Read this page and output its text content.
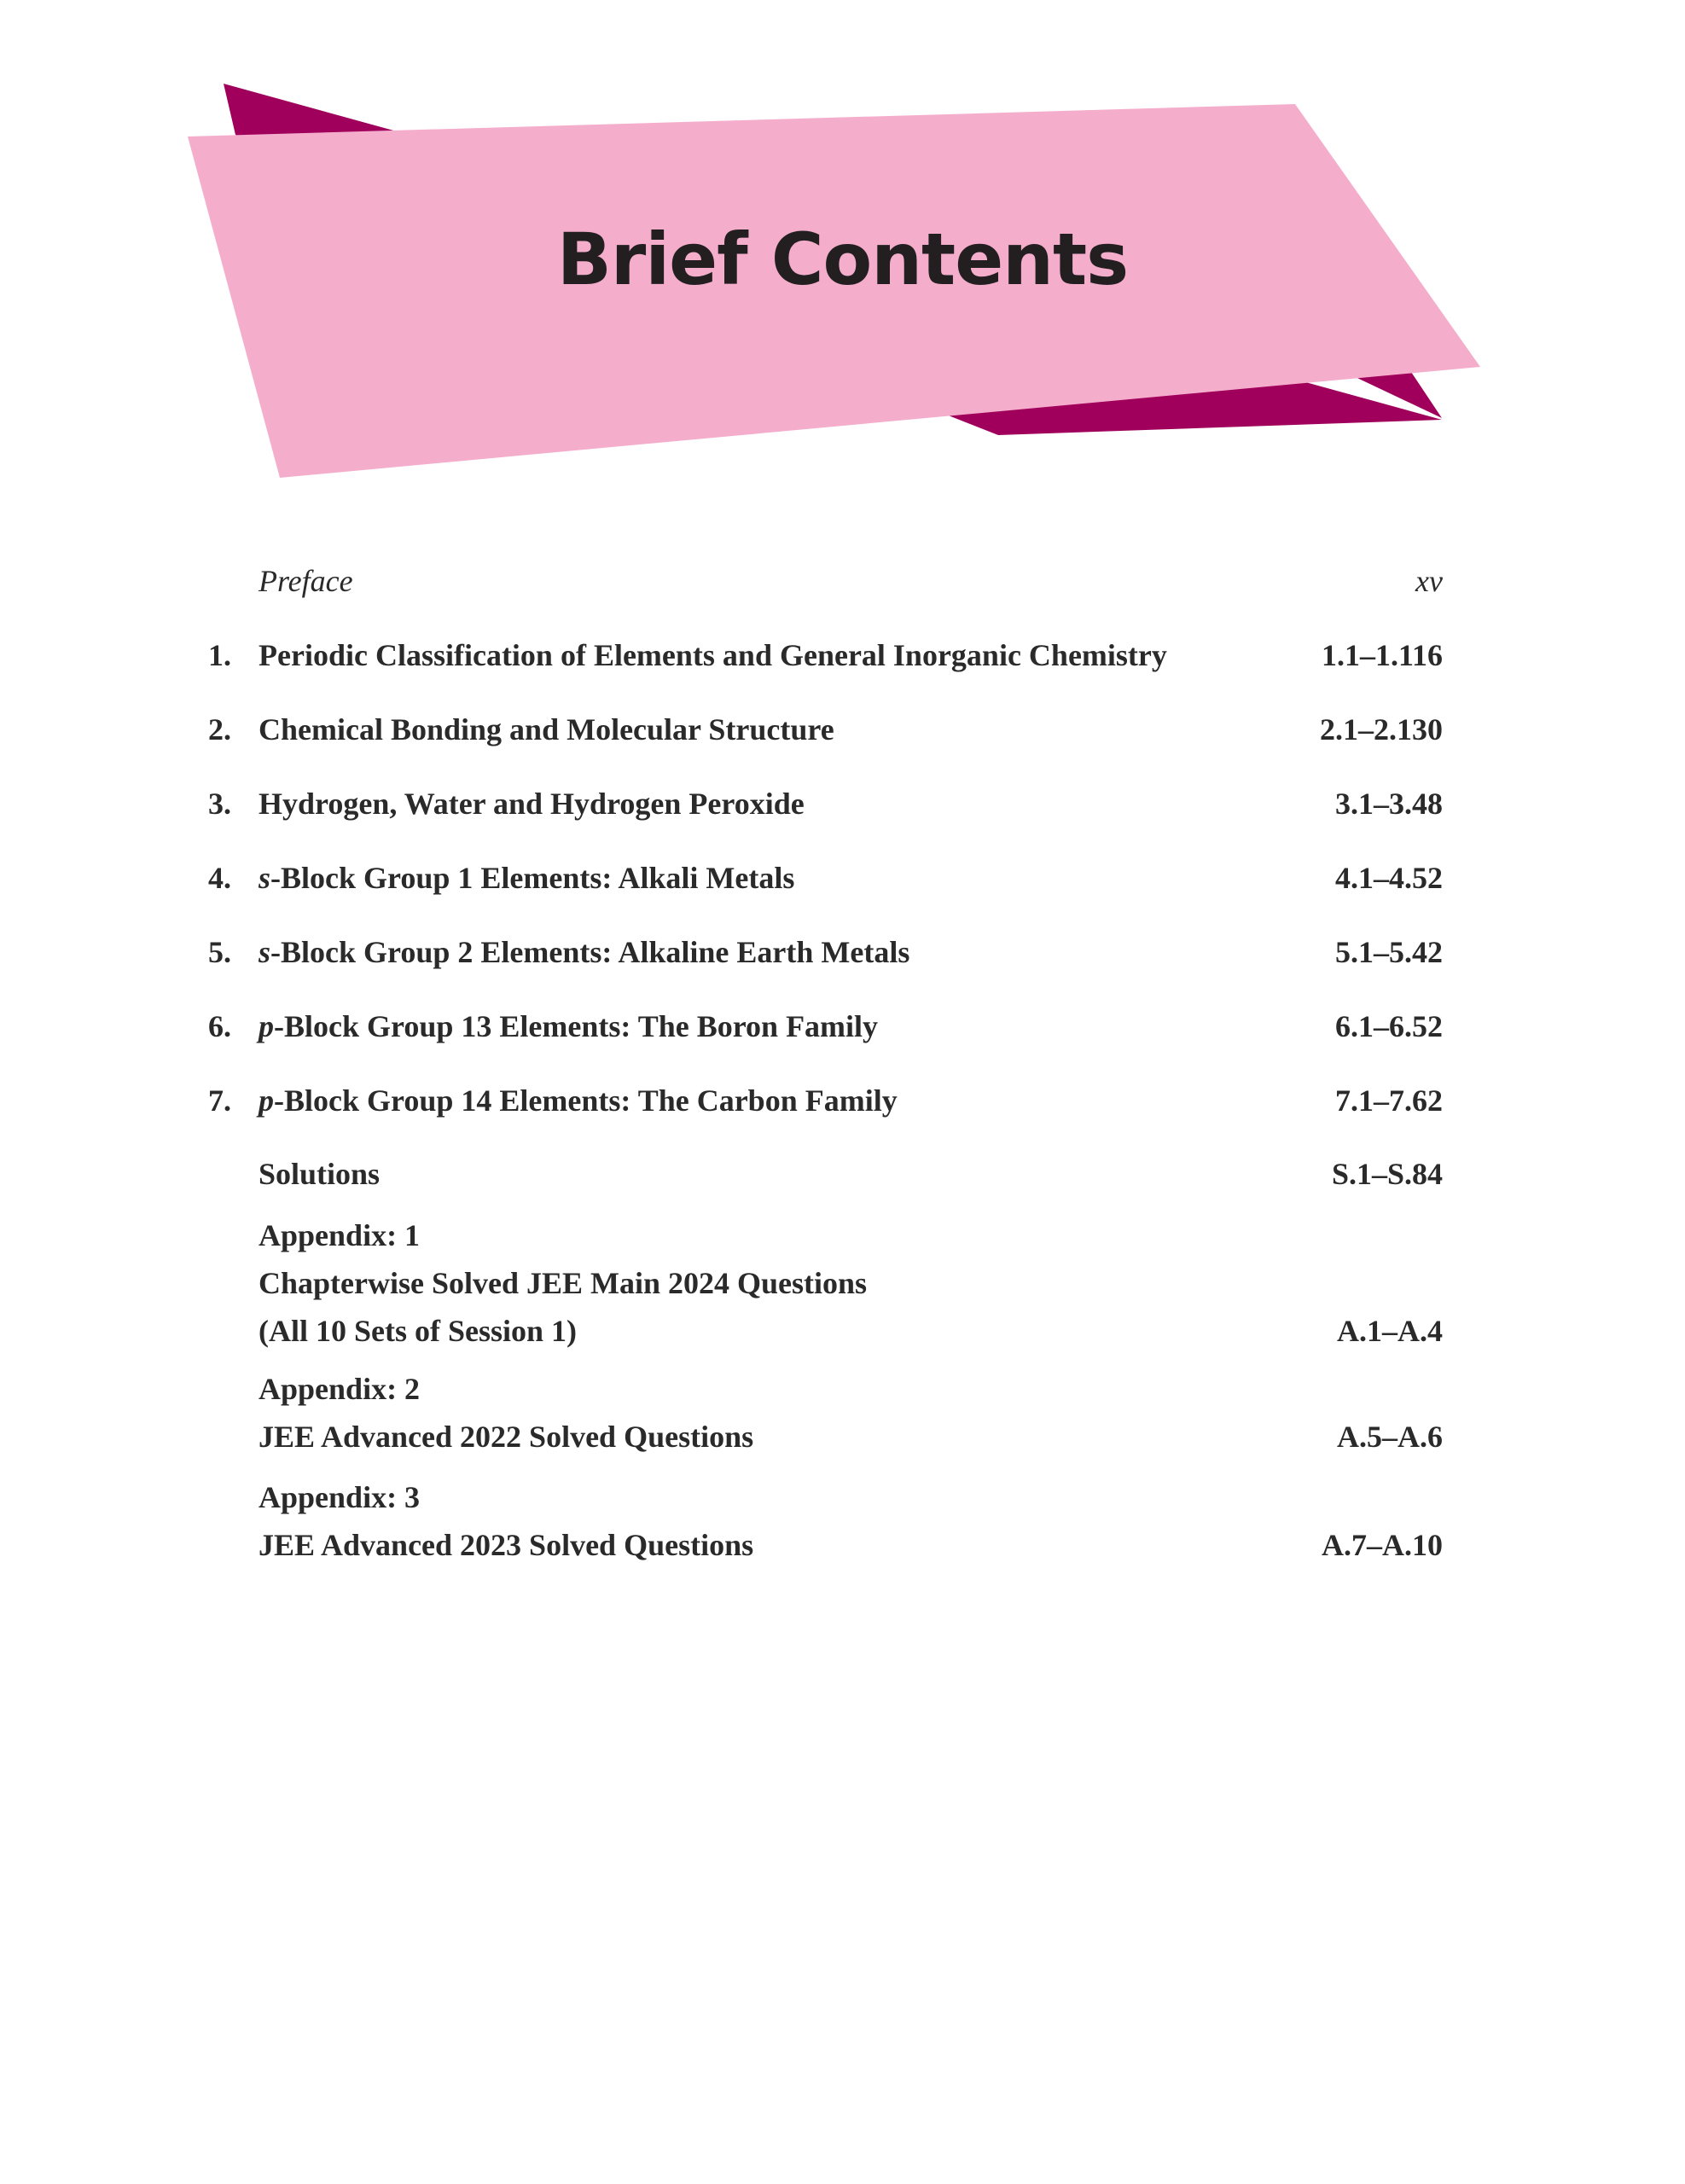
Brief Contents
Preface	xv
1. Periodic Classification of Elements and General Inorganic Chemistry	1.1–1.116
2. Chemical Bonding and Molecular Structure	2.1–2.130
3. Hydrogen, Water and Hydrogen Peroxide	3.1–3.48
4. s-Block Group 1 Elements: Alkali Metals	4.1–4.52
5. s-Block Group 2 Elements: Alkaline Earth Metals	5.1–5.42
6. p-Block Group 13 Elements: The Boron Family	6.1–6.52
7. p-Block Group 14 Elements: The Carbon Family	7.1–7.62
Solutions	S.1–S.84
Appendix: 1
Chapterwise Solved JEE Main 2024 Questions
(All 10 Sets of Session 1)	A.1–A.4
Appendix: 2
JEE Advanced 2022 Solved Questions	A.5–A.6
Appendix: 3
JEE Advanced 2023 Solved Questions	A.7–A.10
